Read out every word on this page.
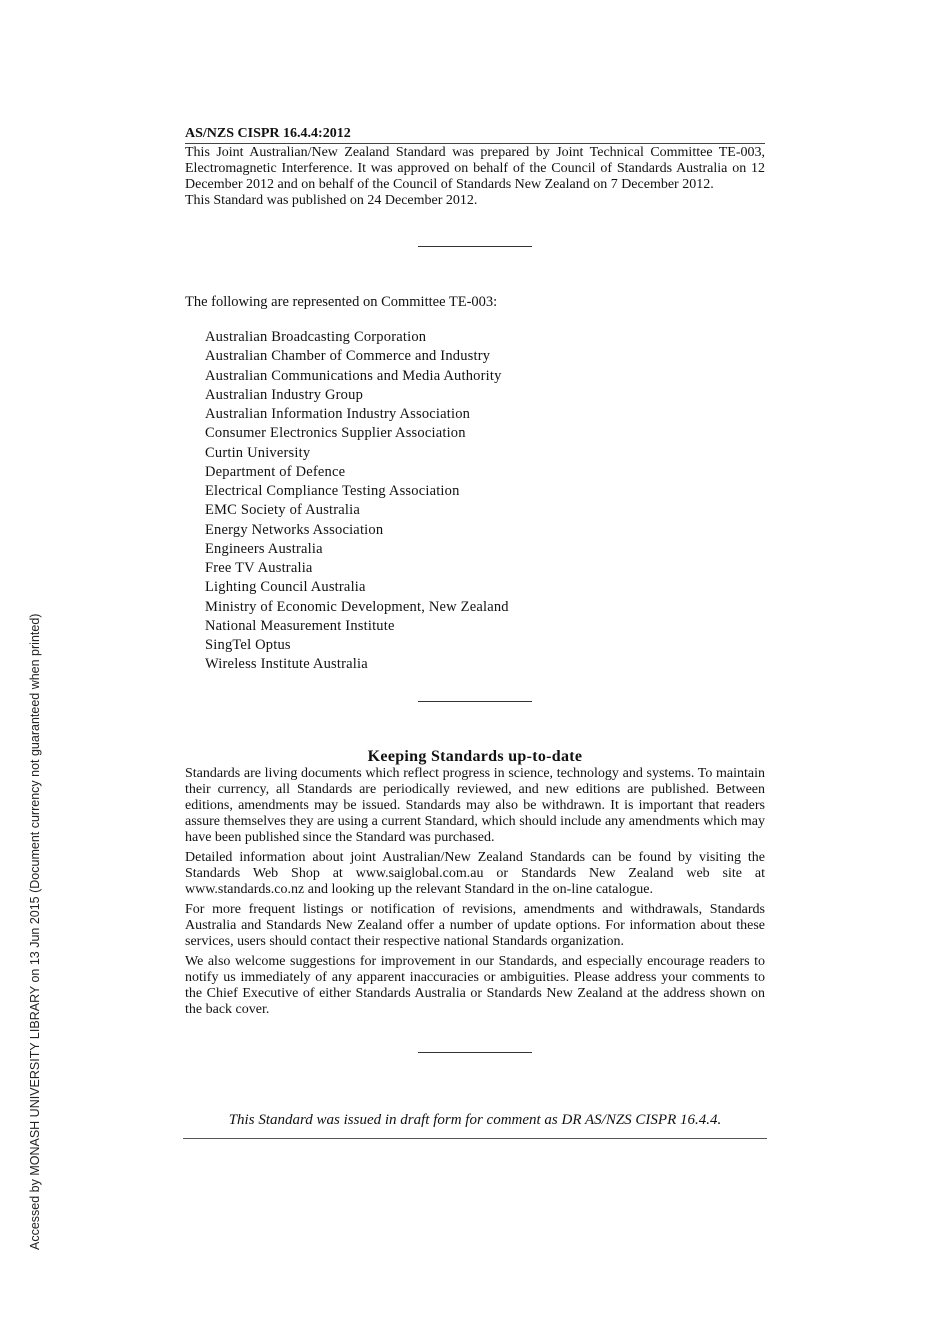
Accessed by MONASH UNIVERSITY LIBRARY on 13 Jun 2015 (Document currency not guaranteed when printed)
AS/NZS CISPR 16.4.4:2012

This Joint Australian/New Zealand Standard was prepared by Joint Technical Committee TE-003, Electromagnetic Interference. It was approved on behalf of the Council of Standards Australia on 12 December 2012 and on behalf of the Council of Standards New Zealand on 7 December 2012.

This Standard was published on 24 December 2012.

The following are represented on Committee TE-003:
Australian Broadcasting Corporation
Australian Chamber of Commerce and Industry
Australian Communications and Media Authority
Australian Industry Group
Australian Information Industry Association
Consumer Electronics Supplier Association
Curtin University
Department of Defence
Electrical Compliance Testing Association
EMC Society of Australia
Energy Networks Association
Engineers Australia
Free TV Australia
Lighting Council Australia
Ministry of Economic Development, New Zealand
National Measurement Institute
SingTel Optus
Wireless Institute Australia
Keeping Standards up-to-date

Standards are living documents which reflect progress in science, technology and systems. To maintain their currency, all Standards are periodically reviewed, and new editions are published. Between editions, amendments may be issued. Standards may also be withdrawn. It is important that readers assure themselves they are using a current Standard, which should include any amendments which may have been published since the Standard was purchased.

Detailed information about joint Australian/New Zealand Standards can be found by visiting the Standards Web Shop at www.saiglobal.com.au or Standards New Zealand web site at www.standards.co.nz and looking up the relevant Standard in the on-line catalogue.

For more frequent listings or notification of revisions, amendments and withdrawals, Standards Australia and Standards New Zealand offer a number of update options. For information about these services, users should contact their respective national Standards organization.

We also welcome suggestions for improvement in our Standards, and especially encourage readers to notify us immediately of any apparent inaccuracies or ambiguities. Please address your comments to the Chief Executive of either Standards Australia or Standards New Zealand at the address shown on the back cover.

This Standard was issued in draft form for comment as DR AS/NZS CISPR 16.4.4.
